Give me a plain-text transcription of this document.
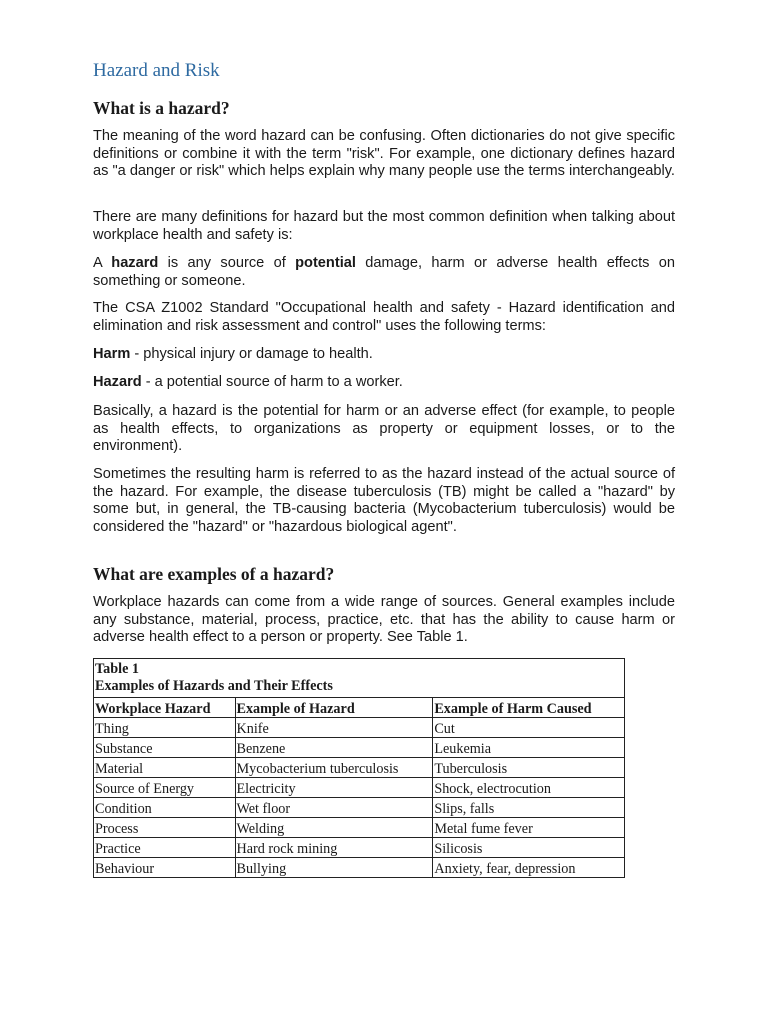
Hazard and Risk
What is a hazard?

The meaning of the word hazard can be confusing. Often dictionaries do not give specific definitions or combine it with the term "risk". For example, one dictionary defines hazard as "a danger or risk" which helps explain why many people use the terms interchangeably.

There are many definitions for hazard but the most common definition when talking about workplace health and safety is:

A hazard is any source of potential damage, harm or adverse health effects on something or someone.

The CSA Z1002 Standard "Occupational health and safety - Hazard identification and elimination and risk assessment and control" uses the following terms:

Harm - physical injury or damage to health.

Hazard - a potential source of harm to a worker.

Basically, a hazard is the potential for harm or an adverse effect (for example, to people as health effects, to organizations as property or equipment losses, or to the environment).

Sometimes the resulting harm is referred to as the hazard instead of the actual source of the hazard. For example, the disease tuberculosis (TB) might be called a "hazard" by some but, in general, the TB-causing bacteria (Mycobacterium tuberculosis) would be considered the "hazard" or "hazardous biological agent".

What are examples of a hazard?

Workplace hazards can come from a wide range of sources. General examples include any substance, material, process, practice, etc. that has the ability to cause harm or adverse health effect to a person or property. See Table 1.

Table 1
Examples of Hazards and Their Effects		

Workplace Hazard	Example of Hazard	Example of Harm Caused
Thing	Knife	Cut
Substance	Benzene	Leukemia
Material	Mycobacterium tuberculosis	Tuberculosis
Source of Energy	Electricity	Shock, electrocution
Condition	Wet floor	Slips, falls
Process	Welding	Metal fume fever
Practice	Hard rock mining	Silicosis
Behaviour	Bullying	Anxiety, fear, depression
